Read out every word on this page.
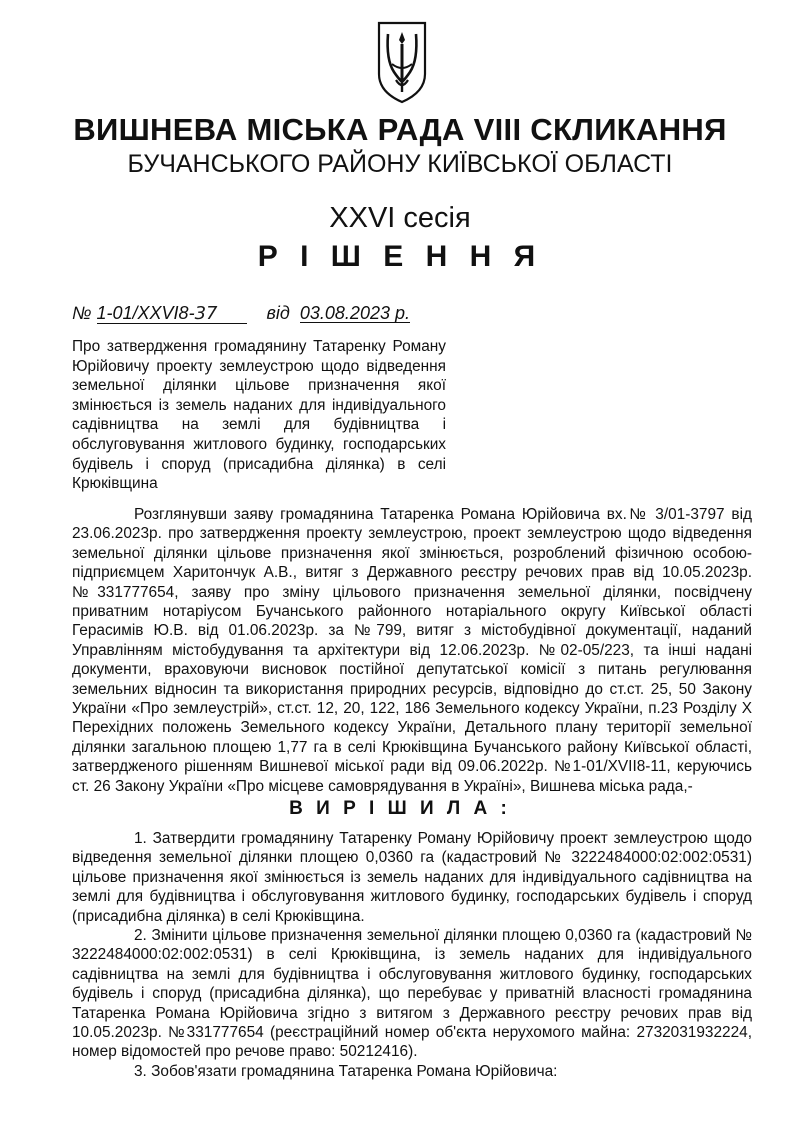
ВИШНЕВА МІСЬКА РАДА VIII СКЛИКАННЯ
БУЧАНСЬКОГО РАЙОНУ КИЇВСЬКОЇ ОБЛАСТІ
XXVI сесія
Р І Ш Е Н Н Я
№ 1-01/XXVI8-37	від 03.08.2023 р.

Про затвердження громадянину Татаренку Роману Юрійовичу проекту землеустрою щодо відведення земельної ділянки цільове призначення якої змінюється із земель наданих для індивідуального садівництва на землі для будівництва і обслуговування житлового будинку, господарських будівель і споруд (присадибна ділянка) в селі Крюківщина

Розглянувши заяву громадянина Татаренка Романа Юрійовича вх.№ 3/01-3797 від 23.06.2023р. про затвердження проекту землеустрою, проект землеустрою щодо відведення земельної ділянки цільове призначення якої змінюється, розроблений фізичною особою-підприємцем Харитончук А.В., витяг з Державного реєстру речових прав від 10.05.2023р. №331777654, заяву про зміну цільового призначення земельної ділянки, посвідчену приватним нотаріусом Бучанського районного нотаріального округу Київської області Герасимів Ю.В. від 01.06.2023р. за №799, витяг з містобудівної документації, наданий Управлінням містобудування та архітектури від 12.06.2023р. №02-05/223, та інші надані документи, враховуючи висновок постійної депутатської комісії з питань регулювання земельних відносин та використання природних ресурсів, відповідно до ст.ст. 25, 50 Закону України «Про землеустрій», ст.ст. 12, 20, 122, 186 Земельного кодексу України, п.23 Розділу X Перехідних положень Земельного кодексу України, Детального плану території земельної ділянки загальною площею 1,77 га в селі Крюківщина Бучанського району Київської області, затвердженого рішенням Вишневої міської ради від 09.06.2022р. №1-01/XVII8-11, керуючись ст. 26 Закону України «Про місцеве самоврядування в Україні», Вишнева міська рада,-

В И Р І Ш И Л А :

1. Затвердити громадянину Татаренку Роману Юрійовичу проект землеустрою щодо відведення земельної ділянки площею 0,0360 га (кадастровий № 3222484000:02:002:0531) цільове призначення якої змінюється із земель наданих для індивідуального садівництва на землі для будівництва і обслуговування житлового будинку, господарських будівель і споруд (присадибна ділянка) в селі Крюківщина.

2. Змінити цільове призначення земельної ділянки площею 0,0360 га (кадастровий № 3222484000:02:002:0531) в селі Крюківщина, із земель наданих для індивідуального садівництва на землі для будівництва і обслуговування житлового будинку, господарських будівель і споруд (присадибна ділянка), що перебуває у приватній власності громадянина Татаренка Романа Юрійовича згідно з витягом з Державного реєстру речових прав від 10.05.2023р. №331777654 (реєстраційний номер об'єкта нерухомого майна: 2732031932224, номер відомостей про речове право: 50212416).

3. Зобов'язати громадянина Татаренка Романа Юрійовича:
